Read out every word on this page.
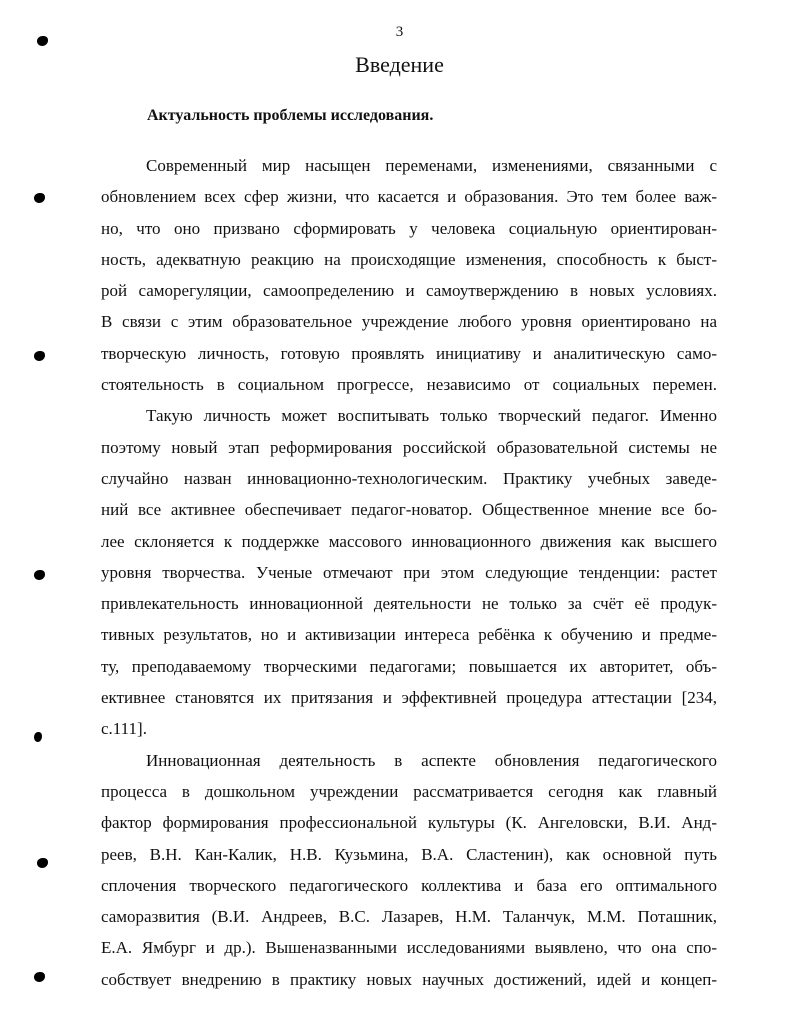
3
Введение
Актуальность проблемы исследования.
Современный мир насыщен переменами, изменениями, связанными с
обновлением всех сфер жизни, что касается и образования. Это тем более важ-
но, что оно призвано сформировать у человека социальную ориентирован-
ность, адекватную реакцию на происходящие изменения, способность к быст-
рой саморегуляции, самоопределению и самоутверждению в новых условиях.
В связи с этим образовательное учреждение любого уровня ориентировано на
творческую личность, готовую проявлять инициативу и аналитическую само-
стоятельность в социальном прогрессе, независимо от социальных перемен.
Такую личность может воспитывать только творческий педагог. Именно
поэтому новый этап реформирования российской образовательной системы не
случайно назван инновационно-технологическим. Практику учебных заведе-
ний все активнее обеспечивает педагог-новатор. Общественное мнение все бо-
лее склоняется к поддержке массового инновационного движения как высшего
уровня творчества. Ученые отмечают при этом следующие тенденции: растет
привлекательность инновационной деятельности не только за счёт её продук-
тивных результатов, но и активизации интереса ребёнка к обучению и предме-
ту, преподаваемому творческими педагогами; повышается их авторитет, объ-
ективнее становятся их притязания и эффективней процедура аттестации [234,
с.111].
Инновационная деятельность в аспекте обновления педагогического
процесса в дошкольном учреждении рассматривается сегодня как главный
фактор формирования профессиональной культуры (К. Ангеловски, В.И. Анд-
реев, В.Н. Кан-Калик, Н.В. Кузьмина, В.А. Сластенин), как основной путь
сплочения творческого педагогического коллектива и база его оптимального
саморазвития (В.И. Андреев, В.С. Лазарев, Н.М. Таланчук, М.М. Поташник,
Е.А. Ямбург и др.). Вышеназванными исследованиями выявлено, что она спо-
собствует внедрению в практику новых научных достижений, идей и концеп-
